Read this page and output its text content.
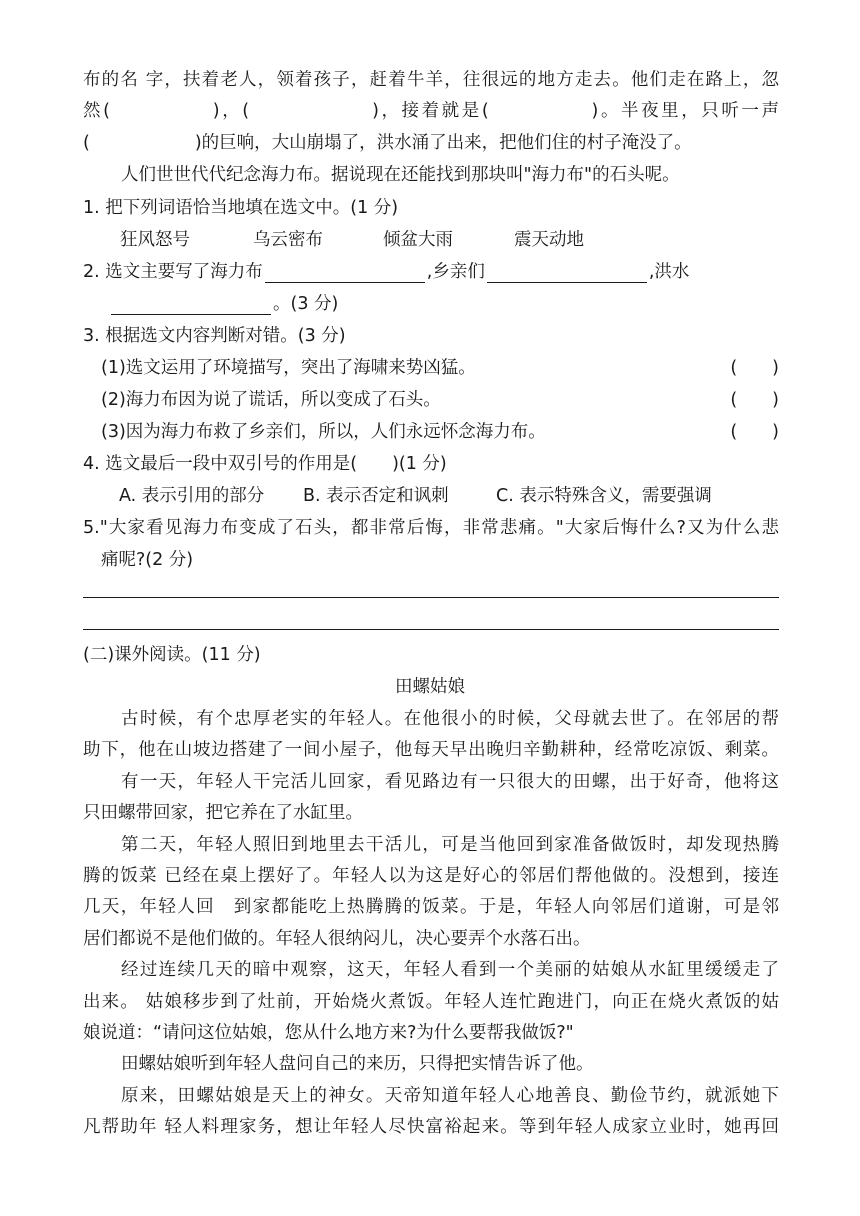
布的名 字，扶着老人，领着孩子，赶着牛羊，往很远的地方走去。他们走在路上，忽
然(　　　　　)，(　　　　　　)，接着就是(　　　　　)。半夜里，只听一声
(　　　　　　)的巨响，大山崩塌了，洪水涌了出来，把他们住的村子淹没了。
人们世世代代纪念海力布。据说现在还能找到那块叫"海力布"的石头呢。
1. 把下列词语恰当地填在选文中。(1 分)
狂风怒号	乌云密布	倾盆大雨	震天动地
2. 选文主要写了海力布	,乡亲们	,洪水
。(3 分)
3. 根据选文内容判断对错。(3 分)
(1)选文运用了环境描写，突出了海啸来势凶猛。	(　　)
(2)海力布因为说了谎话，所以变成了石头。	(　　)
(3)因为海力布救了乡亲们，所以，人们永远怀念海力布。	(　　)
4. 选文最后一段中双引号的作用是(　　)(1 分)
A. 表示引用的部分 B. 表示否定和讽刺	C. 表示特殊含义，需要强调
5."大家看见海力布变成了石头，都非常后悔，非常悲痛。"大家后悔什么?又为什么悲
痛呢?(2 分)
(二)课外阅读。(11 分)
田螺姑娘
古时候，有个忠厚老实的年轻人。在他很小的时候，父母就去世了。在邻居的帮
助下，他在山坡边搭建了一间小屋子，他每天早出晚归辛勤耕种，经常吃凉饭、剩菜。
有一天，年轻人干完活儿回家，看见路边有一只很大的田螺，出于好奇，他将这
只田螺带回家，把它养在了水缸里。
第二天，年轻人照旧到地里去干活儿，可是当他回到家准备做饭时，却发现热腾
腾的饭菜 已经在桌上摆好了。年轻人以为这是好心的邻居们帮他做的。没想到，接连
几天，年轻人回　到家都能吃上热腾腾的饭菜。于是，年轻人向邻居们道谢，可是邻
居们都说不是他们做的。年轻人很纳闷儿，决心要弄个水落石出。
经过连续几天的暗中观察，这天，年轻人看到一个美丽的姑娘从水缸里缓缓走了
出来。 姑娘移步到了灶前，开始烧火煮饭。年轻人连忙跑进门，向正在烧火煮饭的姑
娘说道：“请问这位姑娘，您从什么地方来?为什么要帮我做饭?"
田螺姑娘听到年轻人盘问自己的来历，只得把实情告诉了他。
原来，田螺姑娘是天上的神女。天帝知道年轻人心地善良、勤俭节约，就派她下
凡帮助年 轻人料理家务，想让年轻人尽快富裕起来。等到年轻人成家立业时，她再回
